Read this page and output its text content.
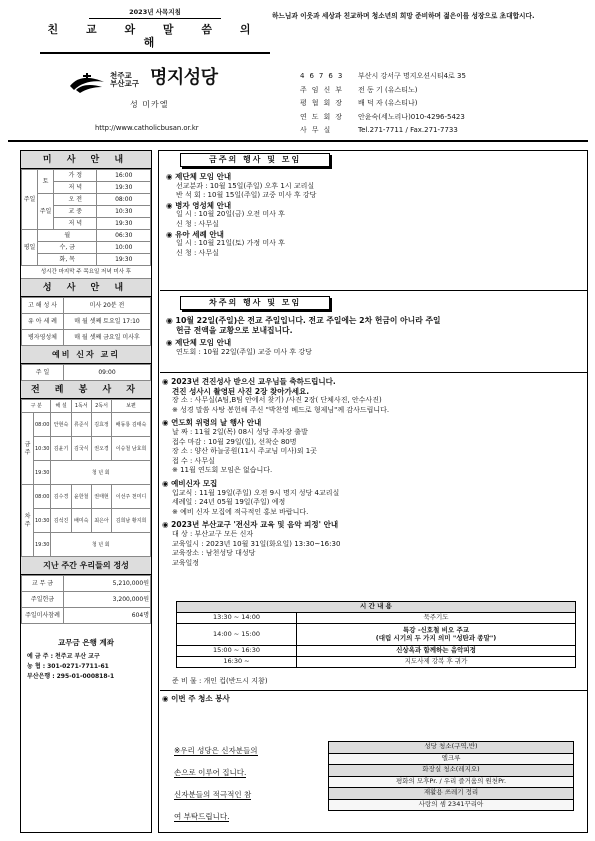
2023년 사목지침
친 교 와 말 씀 의 해
하느님과 이웃과 세상과 친교하며 청소년의 희망 준비하며 젊은이를 성장으로 초대합시다.
천주교
부산교구 명지성당
성 미카엘
http://www.catholicbusan.or.kr
46763	부산시 강서구 명지오션시티4로 35
주임신부	전 동 기 (유스티노)
평협회장	배 덕 자 (유스티나)
연도회장	안윤숙(세노리나)010-4296-5423
사무실	Tel.271-7711 / Fax.271-7733
미 사 안 내
주일	토	가 정	16:00
		저 녁	19:30
	주일	오 전	08:00
		교 중	10:30
		저 녁	19:30
평일	월		06:30
	수, 금		10:00
	화, 목		19:30
성시간 마지막 주 목요일 저녁 미사 후
성 사 안 내
고 해 성 사	미사 20분 전
유 아 세 례	매 월 셋째 토요일 17:10
병자영성체	매 월 셋째 금요일 미사후
예비 신자 교리
주 일	09:00
전 례 봉 사 자
구 분		해 설	1독서	2독서	보편
금주	08:00	안현숙	류준식	김효정	배동룡 김태숙
	10:30	김윤기	김국식	권오경	이승철 남효희
	19:30	청 년 회			
차주	08:00	김수경	윤한철	권태현	이선주 천미디
	10:30	김석진	배미숙	최은아	김희남 황지희
	19:30	청 년 회			
지난 주간 우리들의 정성
교 무 금	5,210,000원
주일헌금	3,200,000원
주일미사참례	604명
교무금 은행 계좌
예 금 주 : 천주교 부산 교구
농 협 : 301-0271-7711-61
부산은행 : 295-01-000818-1
금주의 행사 및 모임
◉ 제단체 모임 안내
선교분과 : 10월 15일(주일) 오후 1시 교리실
반 석 회 : 10월 15일(주일) 교중 미사 후 강당
◉ 병자 영성체 안내
일 시 : 10월 20일(금) 오전 미사 후
신 청 : 사무실
◉ 유아 세례 안내
일 시 : 10월 21일(토) 가정 미사 후
신 청 : 사무실
차주의 행사 및 모임
◉ 10월 22일(주일)은 전교 주일입니다. 전교 주일에는 2차 헌금이 아니라 주일
헌금 전액을 교황으로 보내집니다.
◉ 제단체 모임 안내
연도회 : 10월 22일(주일) 교중 미사 후 강당
◉ 2023년 견진성사 받으신 교우님들 축하드립니다.
견진 성사시 촬영된 사진 2장 찾아가세요.
장 소 : 사무실(A팀,B팀 안에서 찾기) /사진 2장( 단체사진, 안수사진)
※ 성경 말씀 사탕 봉헌해 주신 "박찬영 베드로 형제님"께 감사드립니다.
◉ 연도회 위령의 날 행사 안내
날 짜 : 11월 2일(목) 08시 성당 주차장 출발
접수 마감 : 10월 29일(일), 선착순 80명
장 소 : 양산 하늘공원(11시 주교님 미사)외 1곳
접 수 : 사무실
※ 11월 연도회 모임은 없습니다.
◉ 예비신자 모집
입교식 : 11월 19일(주일) 오전 9시 명지 성당 4교리실
세례일 : 24년 05월 19일(주일) 예정
※ 예비 신자 모집에 적극적인 홍보 바랍니다.
◉ 2023년 부산교구 '전신자 교육 및 음악 피정' 안내
대 상 : 부산교구 모든 신자
교육일시 : 2023년 10월 31일(화요일) 13:30~16:30
교육장소 : 남천성당 대성당
교육일정
시 간 내 용	
13:30 ~ 14:00	묵주기도
14:00 ~ 15:00	특강 -신호철 비오 주교
(대림 시기의 두 가지 의미 "성탄과 종말")

15:00 ~ 16:30	신상옥과 함께하는 음악피정
16:30 ~	지도사제 강복 후 귀가
준 비 물 : 개인 컵(반드시 지참)
◉ 이번 주 청소 봉사
※우리 성당은 신자분들의
손으로 이루어 집니다.
신자분들의 적극적인 참
여 부탁드립니다.
성당 청소(구역,반)
엘크루
화장실 청소(레지오)
평화의 모후Pr. / 우리 즐거움의 원천Pr.
재활용 쓰레기 정리
사랑의 셈 2341꾸리아
